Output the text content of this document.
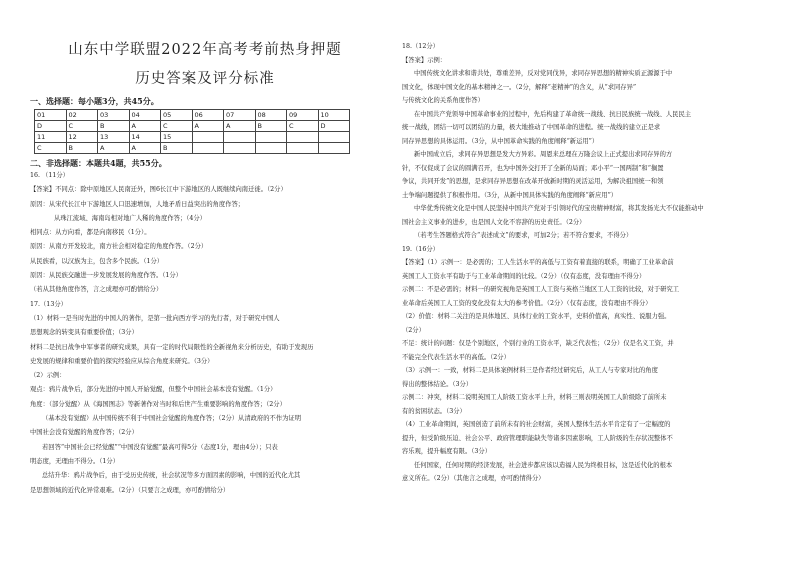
山东中学联盟2022年高考考前热身押题
历史答案及评分标准
一、选择题：每小题3分，共45分。
01	02	03	04	05	06	07	08	09	10
D	C	B	A	C	A	A	B	C	D
11	12	13	14	15					
C	B	A	A	B					
二、非选择题：本题共4题，共55分。
16. （11分）
【答案】不同点：除中原地区人民南迁外，图6长江中下游地区的人既继续向南迁徙。（2分）
原因：从宋代长江中下游地区人口迅速增加，人地矛盾日益突出的角度作答；
从珠江流域、海南岛相对地广人稀的角度作答；（4分）
相同点：从方向看，都是向南移民（1分）。
原因：从南方开发较北，南方社会相对稳定的角度作答。（2分）
从民族看，以汉族为主，包含多个民族。（1分）
原因：从民族交融进一步发展发展的角度作答。（1分）
（若从其他角度作答，言之成理亦可酌情给分）
17.（13分）
（1）材料一是当时先进的中国人的著作，是第一批向西方学习的先行者，对于研究中国人
思想观念的转变具有重要价值；（3分）
材料二是抗日战争中军事者的研究成果，具有一定的时代局限性的全新视角来分析历史，有助于发现历
史发展的规律和重要价值的探究经验应从综合角度来研究。（3分）
（2）示例：
观点：鸦片战争后，部分先进的中国人开始觉醒，但整个中国社会基本没有觉醒。（1分）
角度：（部分觉醒）从《海国图志》等新著作对当时和后世产生重要影响的角度作答；（2分）
（基本没有觉醒）从中国传统不利于中国社会觉醒的角度作答；（2分）从清政府的不作为证明
中国社会没有觉醒的角度作答；（2分）
若回答“中国社会已经觉醒”“中国没有觉醒”最高可得5分（态度1分，理由4分）；只表
明态度，无理由不得分。（1分）
总结升华：鸦片战争后，由于受历史传统，社会状况等多方面因素的影响，中国的近代化尤其
是思想领域的近代化异常艰难。（2分）（只要言之成理，亦可酌情给分）
18.（12分）
【答案】示例：
中国传统文化讲求和谐共处，尊重差异，反对党同伐异，求同存异思想的精神实质正源源于中
国文化，体现中国文化的基本精神之一。（2分，解释“老精神”的含义，从“求同存异”
与传统文化的关系角度作答）
在中国共产党领导中国革命事业的过程中，先后构建了革命统一战线、抗日民族统一战线、人民民主
统一战线，团结一切可以团结的力量，极大地推动了中国革命的进程。统一战线的建立正是求
同存异思想的具体运用。（3分，从中国革命实践的角度阐释“新运用”）
新中国成立后，求同存异思想是发大方异彩。周恩来总理在万隆会议上正式提出求同存异的方
针，不仅促成了会议的圆满召开，也为中国外交打开了全新的局面；邓小平“一国两制”和“搁置
争议，共同开发”的思想，是求同存异思想在改革开放新时期的灵活运用，为解决祖国统一和领
土争端问题提供了积极作用。（3分，从新中国具体实践的角度阐释“新应用”）
中华优秀传统文化是中国人民坚持中国共产党对于引领时代的宝贵精神财富，将其发扬光大不仅能推动中
国社会主义事业的进步，也是国人文化不容辞的历史责任。（2分）
（若考生答题格式符合“表述成文”的要求，可加2分；若不符合要求，不得分）
19.（16分）
【答案】（1）示例一：是必需的；工人生活水平的高低与工资有着直接的联系，明确了工业革命前
英国工人工资水平有助于与工业革命期间的比较。（2分）（仅有态度，没有理由不得分）
示例二：不是必需的；材料一的研究视角是英国工人工资与英格兰地区工人工资的比较，对于研究工
业革命后英国工人工资的变化没有太大的参考价值。（2分）（仅有态度，没有理由不得分）
（2）价值：材料二关注的是具体地区、具体行业的工资水平，史料价值高，真实性、说服力强。
（2分）
不足：统计的问题：仅是个别地区，个别行业的工资水平，缺乏代表性；（2分）仅是名义工资，并
不能完全代表生活水平的高低。（2分）
（3）示例一：一致，材料二是具体案例材料三是作者经过研究后，从工人与专家对比的角度
得出的整体结论。（3分）
示例二：冲突，材料二说明英国工人阶级工资水平上升，材料三则表明英国工人阶级除了前所未
有的贫困状态。（3分）
（4）工业革命期间，英国创造了前所未有的社会财富，英国人整体生活水平肯定有了一定幅度的
提升，但受阶级压迫、社会公平、政府管理职能缺失等诸多因素影响，工人阶级的生存状况整体不
容乐观，提升幅度有限。（3分）
任何国家，任何时期的经济发展，社会进步都应该以造福人民为终极目标，这是近代化的根本
意义所在。（2分）（其他言之成理，亦可酌情得分）
